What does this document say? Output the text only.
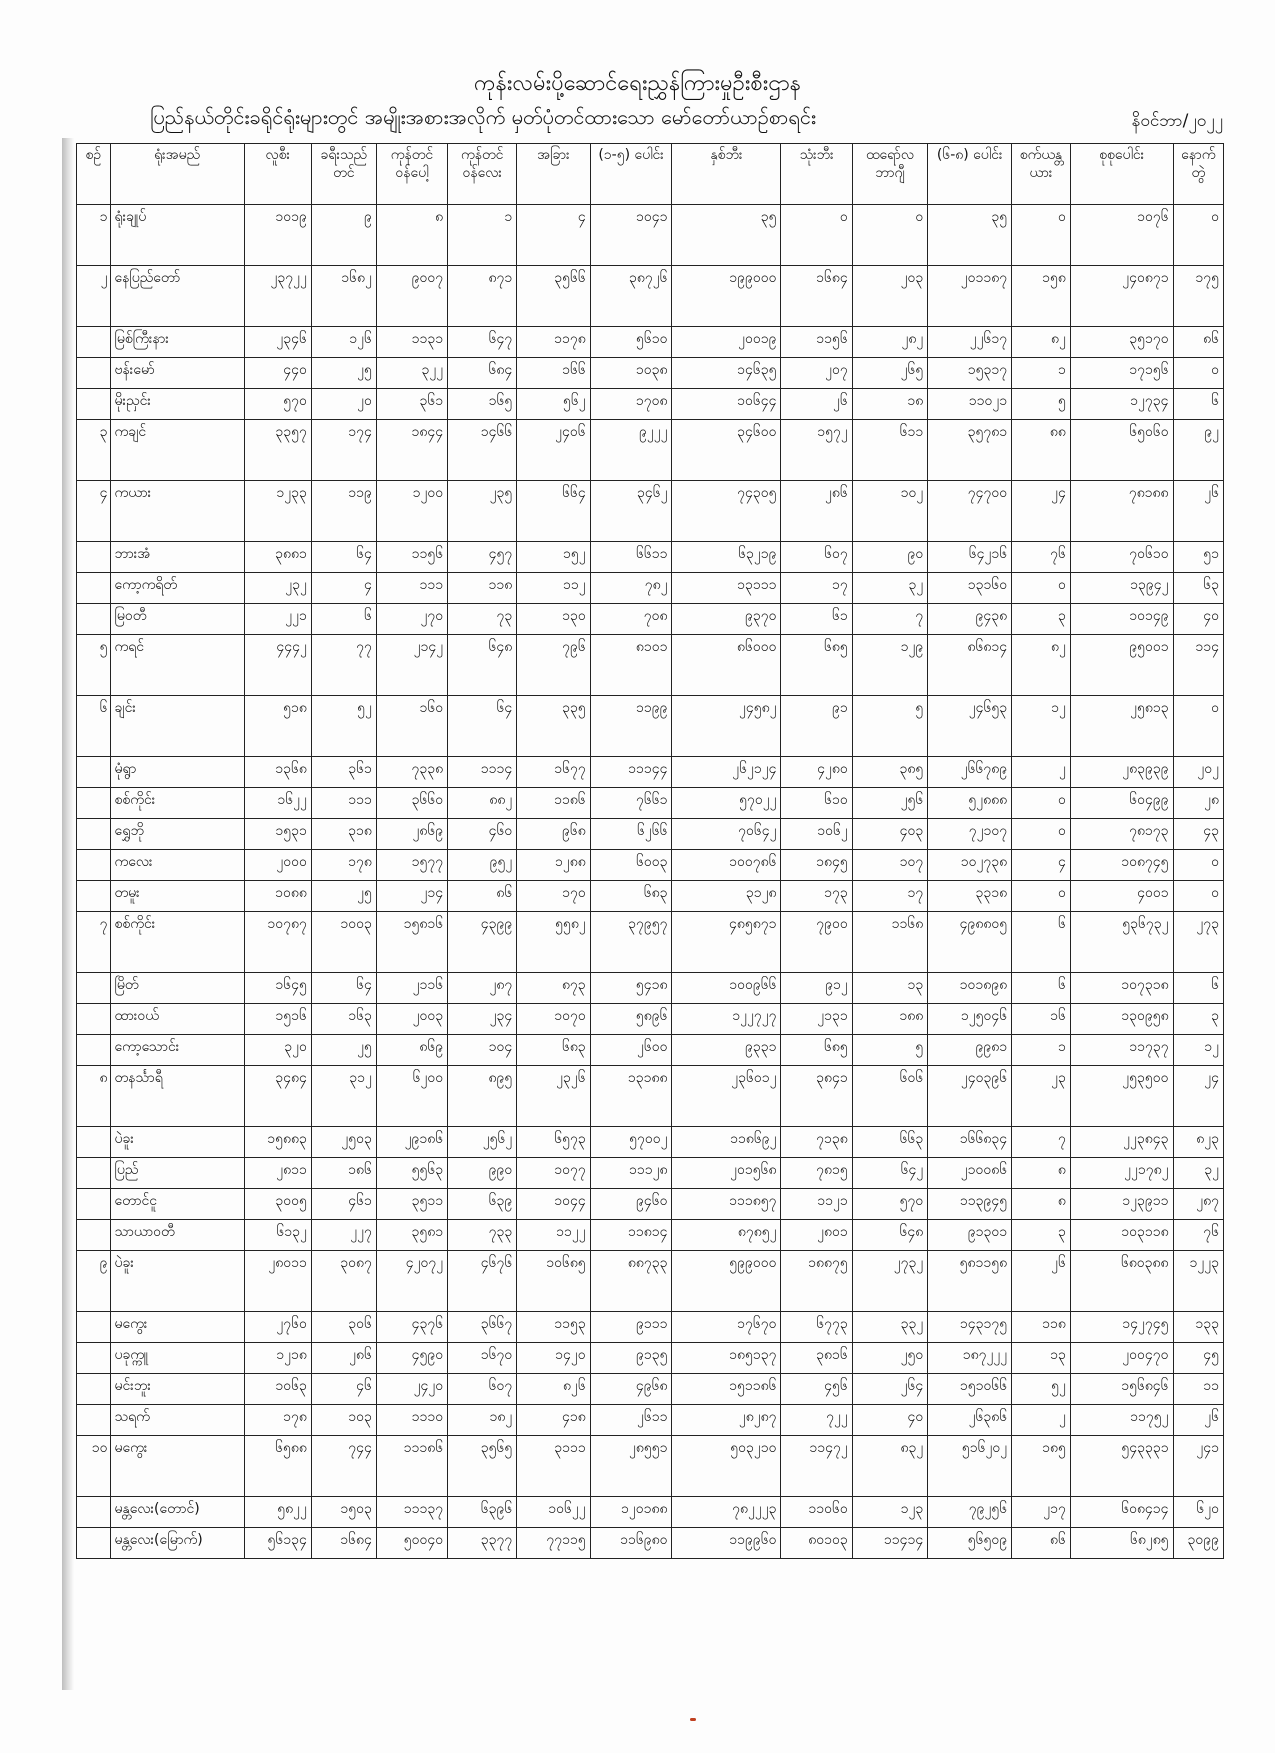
ကုန်းလမ်းပို့ဆောင်ရေးညွှန်ကြားမှုဦးစီးဌာန
ပြည်နယ်တိုင်းခရိုင်ရုံးများတွင် အမျိုးအစားအလိုက် မှတ်ပုံတင်ထားသော မော်တော်ယာဉ်စာရင်း	နိဝင်ဘာ/၂၀၂၂
စဉ်	ရုံးအမည်	လူစီး	ခရီးသည်တင်	ကုန်တင်ဝန်ပေါ့	ကုန်တင်ဝန်လေး	အခြား	(၁-၅) ပေါင်း	နှစ်ဘီး	သုံးဘီး	ထရော်လ ဘာဂျီ	(၆-၈) ပေါင်း	စက်ယန္တယား	စုစုပေါင်း	နောက်တွဲ
၁	ရုံးချုပ်	၁၀၁၉	၉	၈	၁	၄	၁၀၄၁	၃၅	၀	၀	၃၅	၀	၁၀၇၆	၀
၂	နေပြည်တော်	၂၃၇၂၂	၁၆၈၂	၉၀၀၇	၈၇၁	၃၅၆၆	၃၈၇၂၆	၁၉၉၀၀၀	၁၆၈၄	၂၀၃	၂၀၁၁၈၇	၁၅၈	၂၄၀၈၇၁	၁၇၅
	မြစ်ကြီးနား	၂၃၄၆	၁၂၆	၁၁၃၁	၆၄၇	၁၁၇၈	၅၆၁၀	၂၀၀၁၉	၁၁၅၆	၂၈၂	၂၂၆၁၇	၈၂	၃၅၁၇၀	၈၆
	ဗန်းမော်	၄၄၀	၂၅	၃၂၂	၆၈၄	၁၆၆	၁၀၃၈	၁၄၆၃၅	၂၀၇	၂၆၅	၁၅၃၁၇	၁	၁၇၁၅၆	၀
	မိုးညှင်း	၅၇၀	၂၀	၃၆၁	၁၆၅	၅၆၂	၁၇၀၈	၁၀၆၄၄	၂၆	၁၈	၁၁၀၂၁	၅	၁၂၇၃၄	၆
၃	ကချင်	၃၃၅၇	၁၇၄	၁၈၄၄	၁၄၆၆	၂၄၀၆	၉၂၂၂	၃၄၆၀၀	၁၅၇၂	၆၁၁	၃၅၇၈၁	၈၈	၆၅၀၆၀	၉၂
၄	ကယား	၁၂၃၃	၁၁၉	၁၂၀၀	၂၃၅	၆၆၄	၃၄၆၂	၇၄၃၀၅	၂၈၆	၁၀၂	၇၄၇၀၀	၂၄	၇၈၁၈၈	၂၆
	ဘားအံ	၃၈၈၁	၆၄	၁၁၅၆	၄၅၇	၁၅၂	၆၆၁၁	၆၃၂၁၉	၆၀၇	၉၀	၆၄၂၁၆	၇၆	၇၀၆၁၀	၅၁
	ကော့ကရိတ်	၂၃၂	၄	၁၁၁	၁၁၈	၁၁၂	၇၈၂	၁၃၁၁၁	၁၇	၃၂	၁၃၁၆၀	၀	၁၃၉၄၂	၆၃
	မြဝတီ	၂၂၁	၆	၂၇၀	၇၃	၁၃၀	၇၀၈	၉၃၇၀	၆၁	၇	၉၄၃၈	၃	၁၀၁၄၉	၄၀
၅	ကရင်	၄၄၄၂	၇၇	၂၁၄၂	၆၄၈	၇၉၆	၈၁၀၁	၈၆၀၀၀	၆၈၅	၁၂၉	၈၆၈၁၄	၈၂	၉၅၀၀၁	၁၁၄
၆	ချင်း	၅၁၈	၅၂	၁၆၀	၆၄	၃၃၅	၁၁၉၉	၂၄၅၈၂	၉၁	၅	၂၄၆၅၃	၁၂	၂၅၈၁၃	၀
	မုံရွာ	၁၃၆၈	၃၆၁	၇၃၃၈	၁၁၁၄	၁၆၇၇	၁၁၁၄၄	၂၆၂၁၂၄	၄၂၈၀	၃၈၅	၂၆၆၇၈၉	၂	၂၈၃၉၃၉	၂၀၂
	စစ်ကိုင်း	၁၆၂၂	၁၁၁	၃၆၆၀	၈၈၂	၁၁၈၆	၇၆၆၁	၅၇၀၂၂	၆၁၀	၂၅၆	၅၂၈၈၈	၀	၆၀၄၉၉	၂၈
	ရွှေဘို	၁၅၃၁	၃၁၈	၂၈၆၉	၄၆၀	၉၆၈	၆၂၆၆	၇၀၆၄၂	၁၀၆၂	၄၀၃	၇၂၁၀၇	၀	၇၈၁၇၃	၄၃
	ကလေး	၂၀၀၀	၁၇၈	၁၅၇၇	၉၅၂	၁၂၈၈	၆၀၀၃	၁၀၀၇၈၆	၁၈၄၅	၁၀၇	၁၀၂၇၃၈	၄	၁၀၈၇၄၅	၀
	တမူး	၁၀၈၈	၂၅	၂၁၄	၈၆	၁၇၀	၆၈၃	၃၁၂၈	၁၇၃	၁၇	၃၃၁၈	၀	၄၀၀၁	၀
၇	စစ်ကိုင်း	၁၀၇၈၇	၁၀၀၃	၁၅၈၁၆	၄၃၉၉	၅၅၈၂	၃၇၉၅၇	၄၈၅၈၇၁	၇၉၀၀	၁၁၆၈	၄၉၈၈၀၅	၆	၅၃၆၇၃၂	၂၇၃
	မြိတ်	၁၆၄၅	၆၄	၂၁၁၆	၂၈၇	၈၇၃	၅၄၁၈	၁၀၀၉၆၆	၉၁၂	၁၃	၁၀၁၈၉၈	၆	၁၀၇၃၁၈	၆
	ထားဝယ်	၁၅၁၆	၁၆၃	၂၀၀၃	၂၃၄	၁၀၇၀	၅၈၉၆	၁၂၂၇၂၇	၂၁၃၁	၁၈၈	၁၂၅၀၄၆	၁၆	၁၃၀၉၅၈	၃
	ကော့သောင်း	၃၂၀	၂၅	၈၆၉	၁၀၄	၆၈၃	၂၆၀၀	၉၃၃၁	၆၈၅	၅	၉၉၈၁	၁	၁၁၇၃၇	၁၂
၈	တနင်္သာရီ	၃၄၈၄	၃၁၂	၆၂၀၀	၈၉၅	၂၃၂၆	၁၃၁၈၈	၂၃၆၀၁၂	၃၈၄၁	၆၀၆	၂၄၀၃၉၆	၂၃	၂၅၃၅၀၀	၂၄
	ပဲခူး	၁၅၈၈၃	၂၅၀၃	၂၉၁၈၆	၂၅၆၂	၆၅၇၃	၅၇၀၀၂	၁၁၈၆၉၂	၇၁၃၈	၆၆၃	၁၆၆၈၃၄	၇	၂၂၃၈၄၃	၈၂၃
	ပြည်	၂၈၁၁	၁၈၆	၅၅၆၃	၉၉၀	၁၀၇၇	၁၁၁၂၈	၂၀၁၅၆၈	၇၈၁၅	၆၄၂	၂၁၀၀၈၆	၈	၂၂၁၇၈၂	၃၂
	တောင်ငူ	၃၀၀၅	၄၆၁	၃၅၁၁	၆၃၉	၁၀၄၄	၉၄၆၀	၁၁၁၈၅၇	၁၁၂၁	၅၇၀	၁၁၃၉၄၅	၈	၁၂၃၉၁၁	၂၈၇
	သာယာဝတီ	၆၁၃၂	၂၂၇	၃၅၈၁	၇၃၃	၁၁၂၂	၁၁၈၁၄	၈၇၈၅၂	၂၈၀၁	၆၄၈	၉၁၃၀၁	၃	၁၀၃၁၁၈	၇၆
၉	ပဲခူး	၂၈၀၁၁	၃၀၈၇	၄၂၀၇၂	၄၆၇၆	၁၀၆၈၅	၈၈၇၃၃	၅၉၉၀၀၀	၁၈၈၇၅	၂၇၃၂	၅၈၁၁၅၈	၂၆	၆၈၀၃၈၈	၁၂၂၃
	မကွေး	၂၇၆၀	၃၀၆	၄၃၇၆	၃၆၆၇	၁၁၅၃	၉၁၁၁	၁၇၆၇၀	၆၇၇၃	၃၃၂	၁၄၃၁၇၅	၁၁၈	၁၄၂၇၄၅	၁၃၃
	ပခုက္ကူ	၁၂၁၈	၂၈၆	၄၅၉၀	၁၆၇၀	၁၄၂၀	၉၁၃၅	၁၈၅၁၃၇	၃၈၁၆	၂၅၀	၁၈၇၂၂၂	၁၃	၂၀၀၄၇၀	၄၅
	မင်းဘူး	၁၀၆၃	၄၆	၂၄၂၀	၆၀၇	၈၂၆	၄၉၆၈	၁၅၁၁၈၆	၄၅၆	၂၆၄	၁၅၁၀၆၆	၅၂	၁၅၆၈၄၆	၁၁
	သရက်	၁၇၈	၁၀၃	၁၁၁၀	၁၈၂	၄၁၈	၂၆၁၁	၂၈၂၈၇	၇၂၂	၄၀	၂၆၃၈၆	၂	၁၁၇၅၂	၂၆
၁၀	မကွေး	၆၅၈၈	၇၄၄	၁၁၁၈၆	၃၅၆၅	၃၁၁၁	၂၈၅၅၁	၅၀၃၂၁၀	၁၁၄၇၂	၈၃၂	၅၁၆၂၀၂	၁၈၅	၅၄၃၃၃၁	၂၄၁
	မန္တလေး(တောင်)	၅၈၂၂	၁၅၀၃	၁၁၁၃၇	၆၃၉၆	၁၀၆၂၂	၁၂၀၁၈၈	၇၈၂၂၂၃	၁၁၀၆၀	၁၂၃	၇၉၂၅၆	၂၁၇	၆၀၈၄၁၄	၆၂၀
	မန္တလေး(မြောက်)	၅၆၁၃၄	၁၆၈၄	၅၀၀၄၀	၃၃၇၇	၇၇၁၁၅	၁၁၆၉၈၀	၁၁၉၉၆၀	၈၀၁၀၃	၁၁၄၁၄	၅၆၅၀၉	၈၆	၆၈၂၈၅	၃၀၉၉
